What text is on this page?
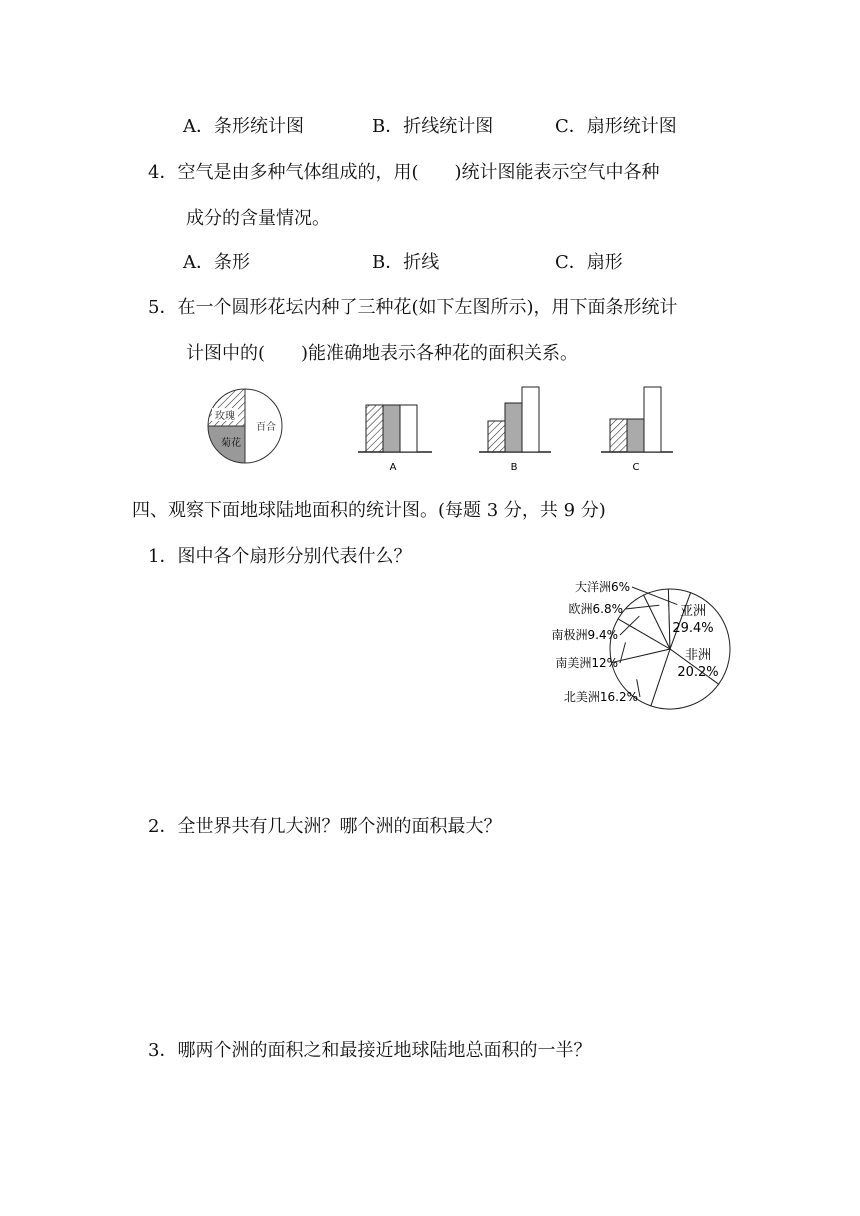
A．条形统计图	B．折线统计图	C．扇形统计图
4．空气是由多种气体组成的，用(　　)统计图能表示空气中各种
成分的含量情况。
A．条形	B．折线	C．扇形
5．在一个圆形花坛内种了三种花(如下左图所示)，用下面条形统计
计图中的(　　)能准确地表示各种花的面积关系。
玫瑰
菊花
百合
A	B	C
四、观察下面地球陆地面积的统计图。(每题 3 分，共 9 分)
1．图中各个扇形分别代表什么？
大洋洲6%
欧洲6.8%
南极洲9.4%
南美洲12%
北美洲16.2%
亚洲
29.4%
非洲
20.2%
2．全世界共有几大洲？哪个洲的面积最大？
3．哪两个洲的面积之和最接近地球陆地总面积的一半？
